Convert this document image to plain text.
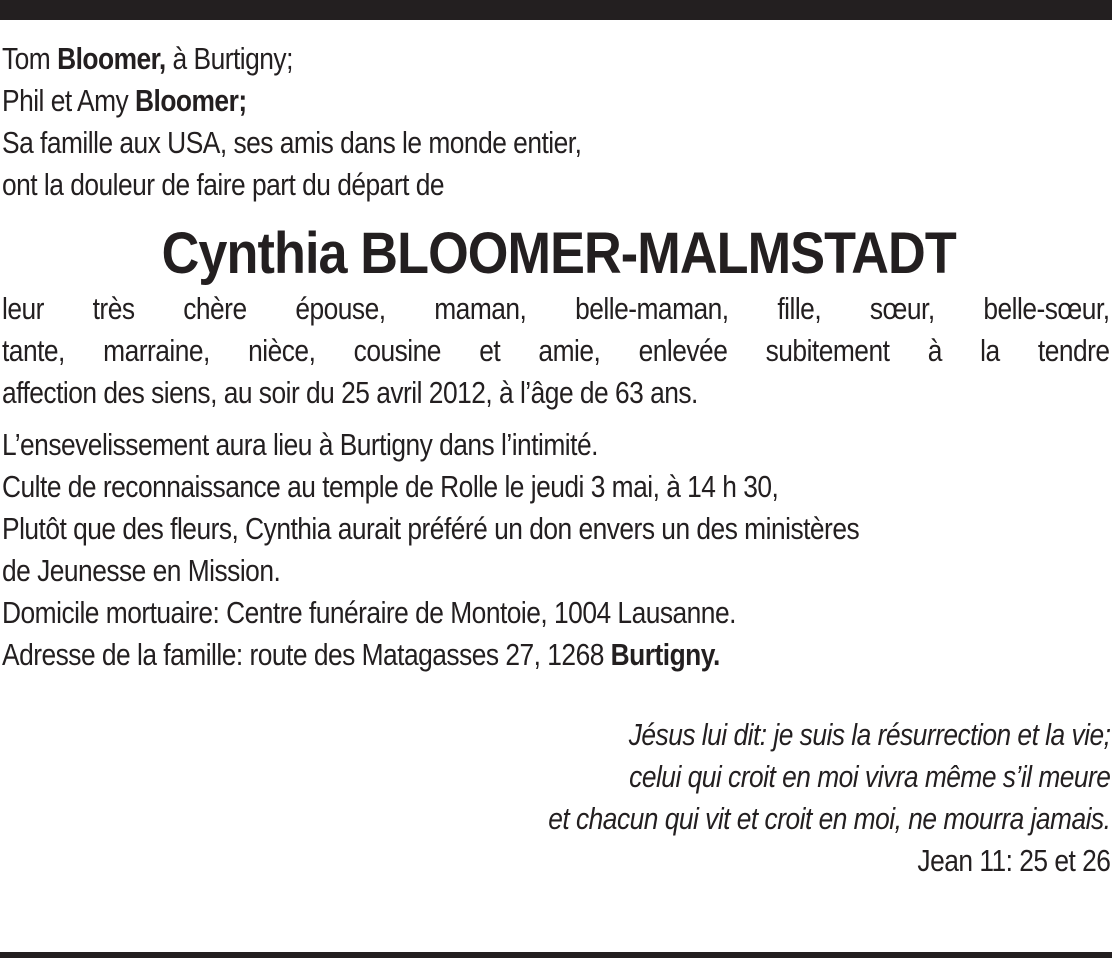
Tom Bloomer, à Burtigny;
Phil et Amy Bloomer;
Sa famille aux USA, ses amis dans le monde entier,
ont la douleur de faire part du départ de
Cynthia BLOOMER-MALMSTADT
leur très chère épouse, maman, belle-maman, fille, sœur, belle-sœur,
tante, marraine, nièce, cousine et amie, enlevée subitement à la tendre
affection des siens, au soir du 25 avril 2012, à l’âge de 63 ans.
L’ensevelissement aura lieu à Burtigny dans l’intimité.
Culte de reconnaissance au temple de Rolle le jeudi 3 mai, à 14 h 30,
Plutôt que des fleurs, Cynthia aurait préféré un don envers un des ministères
de Jeunesse en Mission.
Domicile mortuaire: Centre funéraire de Montoie, 1004 Lausanne.
Adresse de la famille: route des Matagasses 27, 1268 Burtigny.
Jésus lui dit: je suis la résurrection et la vie;
celui qui croit en moi vivra même s’il meure
et chacun qui vit et croit en moi, ne mourra jamais.
Jean 11: 25 et 26
